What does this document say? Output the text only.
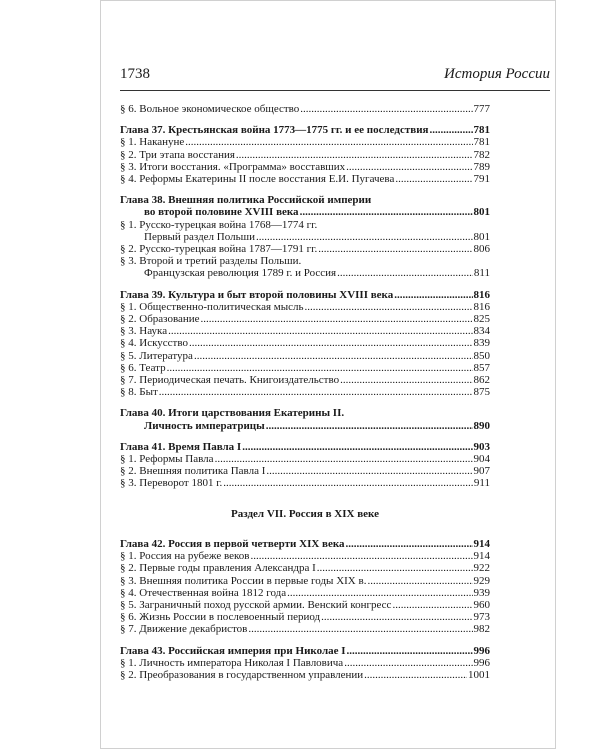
1738	История России
§ 6. Вольное экономическое общество .....	777
Глава 37. Крестьянская война 1773—1775 гг. и ее последствия .....	781
§ 1. Накануне .....	781
§ 2. Три этапа восстания .....	782
§ 3. Итоги восстания. «Программа» восставших .....	789
§ 4. Реформы Екатерины II после восстания Е.И. Пугачева .....	791
Глава 38. Внешняя политика Российской империи
во второй половине XVIII века .....	801
§ 1. Русско-турецкая война 1768—1774 гг.
Первый раздел Польши .....	801
§ 2. Русско-турецкая война 1787—1791 гг. .....	806
§ 3. Второй и третий разделы Польши.
Французская революция 1789 г. и Россия .....	811
Глава 39. Культура и быт второй половины XVIII века .....	816
§ 1. Общественно-политическая мысль .....	816
§ 2. Образование .....	825
§ 3. Наука .....	834
§ 4. Искусство .....	839
§ 5. Литература .....	850
§ 6. Театр .....	857
§ 7. Периодическая печать. Книгоиздательство .....	862
§ 8. Быт .....	875
Глава 40. Итоги царствования Екатерины II.
Личность императрицы .....	890
Глава 41. Время Павла I .....	903
§ 1. Реформы Павла .....	904
§ 2. Внешняя политика Павла I .....	907
§ 3. Переворот 1801 г. .....	911
Раздел VII. Россия в XIX веке
Глава 42. Россия в первой четверти XIX века .....	914
§ 1. Россия на рубеже веков .....	914
§ 2. Первые годы правления Александра I .....	922
§ 3. Внешняя политика России в первые годы XIX в. .....	929
§ 4. Отечественная война 1812 года .....	939
§ 5. Заграничный поход русской армии. Венский конгресс .....	960
§ 6. Жизнь России в послевоенный период .....	973
§ 7. Движение декабристов .....	982
Глава 43. Российская империя при Николае I .....	996
§ 1. Личность императора Николая I Павловича .....	996
§ 2. Преобразования в государственном управлении .....	1001
